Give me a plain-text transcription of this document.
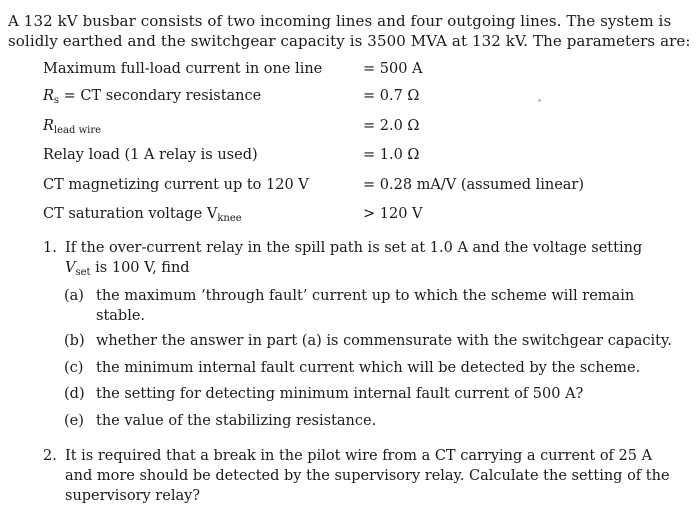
A 132 kV busbar consists of two incoming lines and four outgoing lines. The system is solidly earthed and the switchgear capacity is 3500 MVA at 132 kV. The parameters are:
Maximum full-load current in one line	= 500 A
$R_s$ = CT secondary resistance	= 0.7 Ω
$R_{lead wire}$	= 2.0 Ω
Relay load (1 A relay is used)	= 1.0 Ω
CT magnetizing current up to 120 V	= 0.28 mA/V (assumed linear)
CT saturation voltage $V_{knee}$	> 120 V
1. If the over-current relay in the spill path is set at 1.0 A and the voltage setting
$V_{set}$ is 100 V, find
(a) the maximum ‘through fault’ current up to which the scheme will remain stable.
(b) whether the answer in part (a) is commensurate with the switchgear capacity.
(c) the minimum internal fault current which will be detected by the scheme.
(d) the setting for detecting minimum internal fault current of 500 A?
(e) the value of the stabilizing resistance.
2. It is required that a break in the pilot wire from a CT carrying a current of 25 A and more should be detected by the supervisory relay. Calculate the setting of the supervisory relay?
